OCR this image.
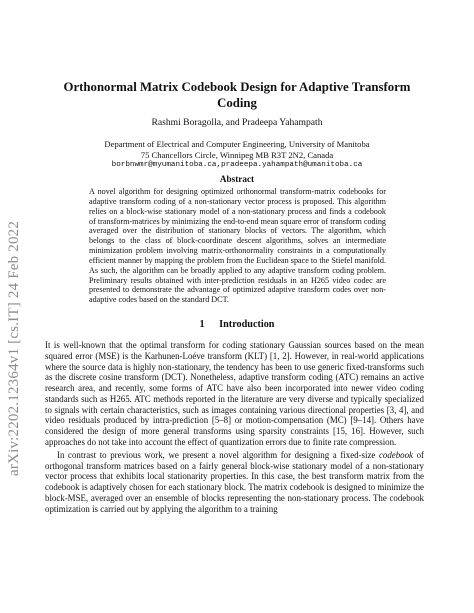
arXiv:2202.12364v1 [cs.IT] 24 Feb 2022
Orthonormal Matrix Codebook Design for Adaptive Transform Coding
Rashmi Boragolla, and Pradeepa Yahampath
Department of Electrical and Computer Engineering, University of Manitoba
75 Chancellors Circle, Winnipeg MB R3T 2N2, Canada
borbnwmr@myumanitoba.ca,pradeepa.yahampath@umanitoba.ca
Abstract

A novel algorithm for designing optimized orthonormal transform-matrix codebooks for adaptive transform coding of a non-stationary vector process is proposed. This algorithm relies on a block-wise stationary model of a non-stationary process and finds a codebook of transform-matrices by minimizing the end-to-end mean square error of transform coding averaged over the distribution of stationary blocks of vectors. The algorithm, which belongs to the class of block-coordinate descent algorithms, solves an intermediate minimization problem involving matrix-orthonormality constraints in a computationally efficient manner by mapping the problem from the Euclidean space to the Stiefel manifold. As such, the algorithm can be broadly applied to any adaptive transform coding problem. Preliminary results obtained with inter-prediction residuals in an H265 video codec are presented to demonstrate the advantage of optimized adaptive transform codes over non-adaptive codes based on the standard DCT.

1 Introduction

It is well-known that the optimal transform for coding stationary Gaussian sources based on the mean squared error (MSE) is the Karhunen-Loéve transform (KLT) [1, 2]. However, in real-world applications where the source data is highly non-stationary, the tendency has been to use generic fixed-transforms such as the discrete cosine transform (DCT). Nonetheless, adaptive transform coding (ATC) remains an active research area, and recently, some forms of ATC have also been incorporated into newer video coding standards such as H265. ATC methods reported in the literature are very diverse and typically specialized to signals with certain characteristics, such as images containing various directional properties [3, 4], and video residuals produced by intra-prediction [5–8] or motion-compensation (MC) [9–14]. Others have considered the design of more general transforms using sparsity constraints [15, 16]. However, such approaches do not take into account the effect of quantization errors due to finite rate compression.

In contrast to previous work, we present a novel algorithm for designing a fixed-size codebook of orthogonal transform matrices based on a fairly general block-wise stationary model of a non-stationary vector process that exhibits local stationarity properties. In this case, the best transform matrix from the codebook is adaptively chosen for each stationary block. The matrix codebook is designed to minimize the block-MSE, averaged over an ensemble of blocks representing the non-stationary process. The codebook optimization is carried out by applying the algorithm to a training
